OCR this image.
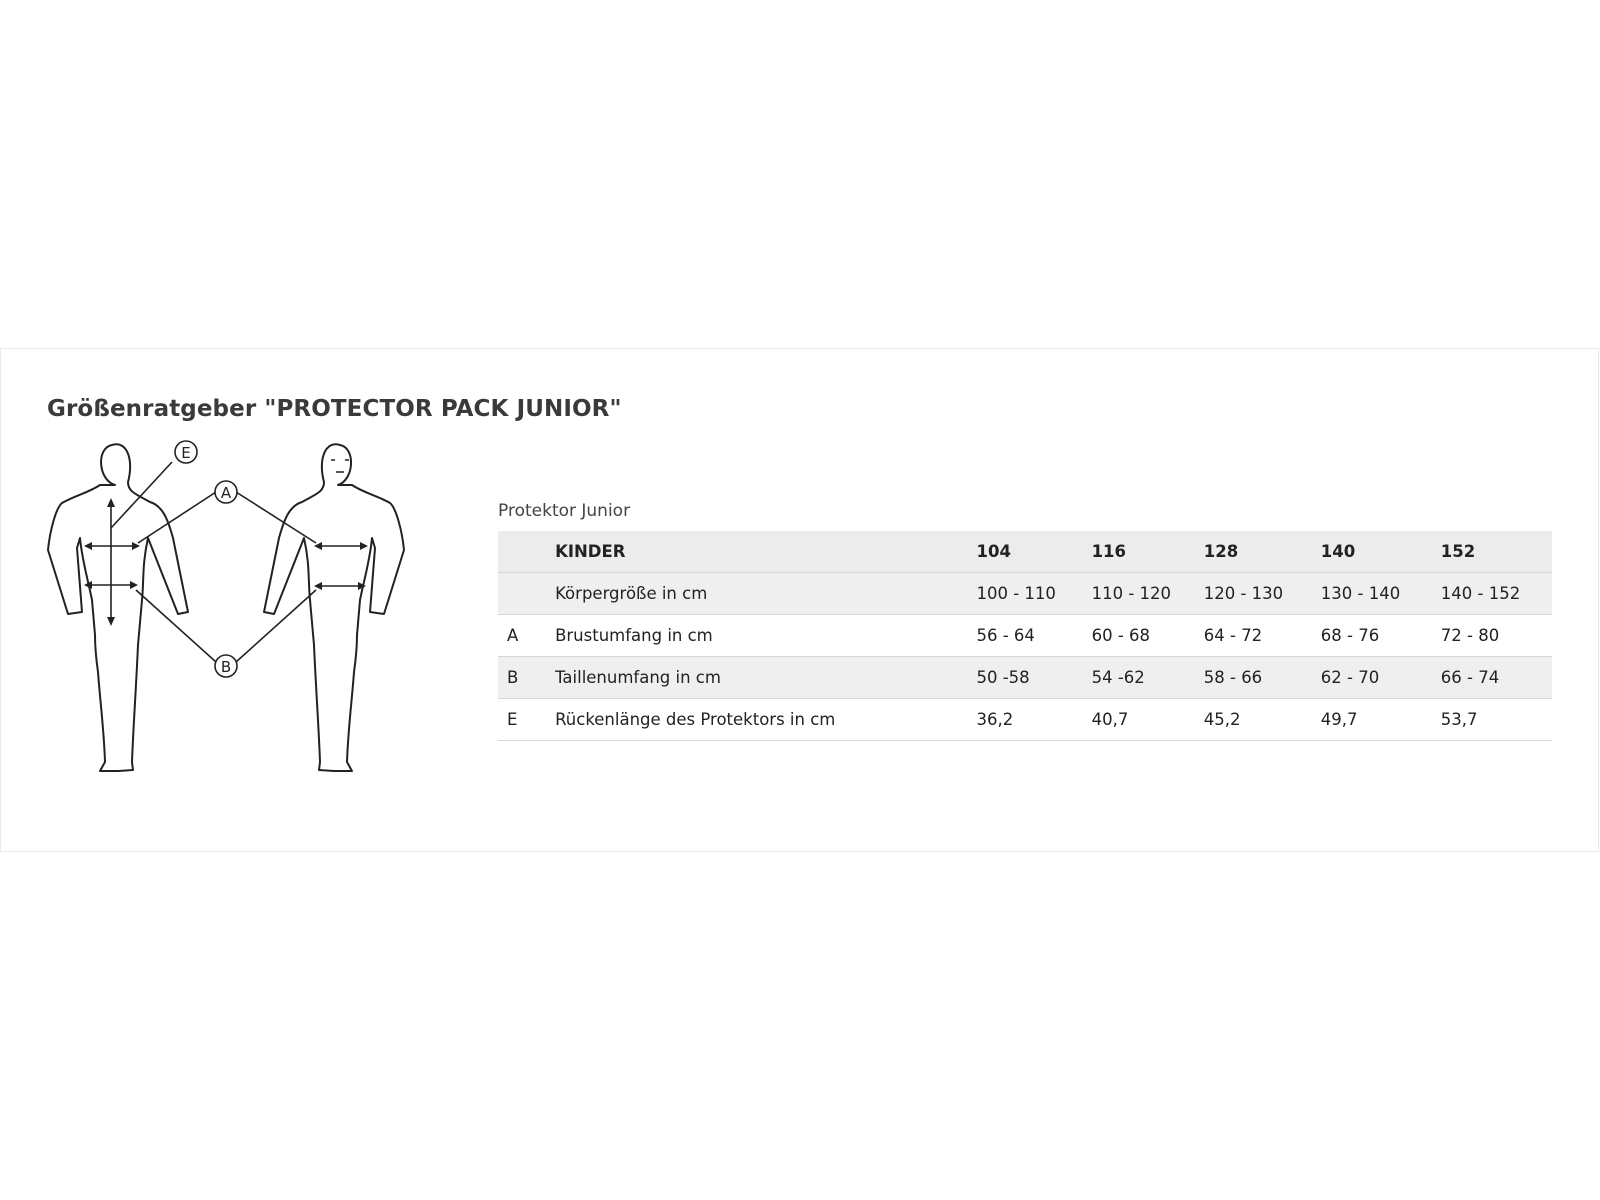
Größenratgeber "PROTECTOR PACK JUNIOR"
E
A
B
Protektor Junior
	KINDER	104	116	128	140	152
	Körpergröße in cm	100 - 110	110 - 120	120 - 130	130 - 140	140 - 152
A	Brustumfang in cm	56 - 64	60 - 68	64 - 72	68 - 76	72 - 80
B	Taillenumfang in cm	50 -58	54 -62	58 - 66	62 - 70	66 - 74
E	Rückenlänge des Protektors in cm	36,2	40,7	45,2	49,7	53,7
